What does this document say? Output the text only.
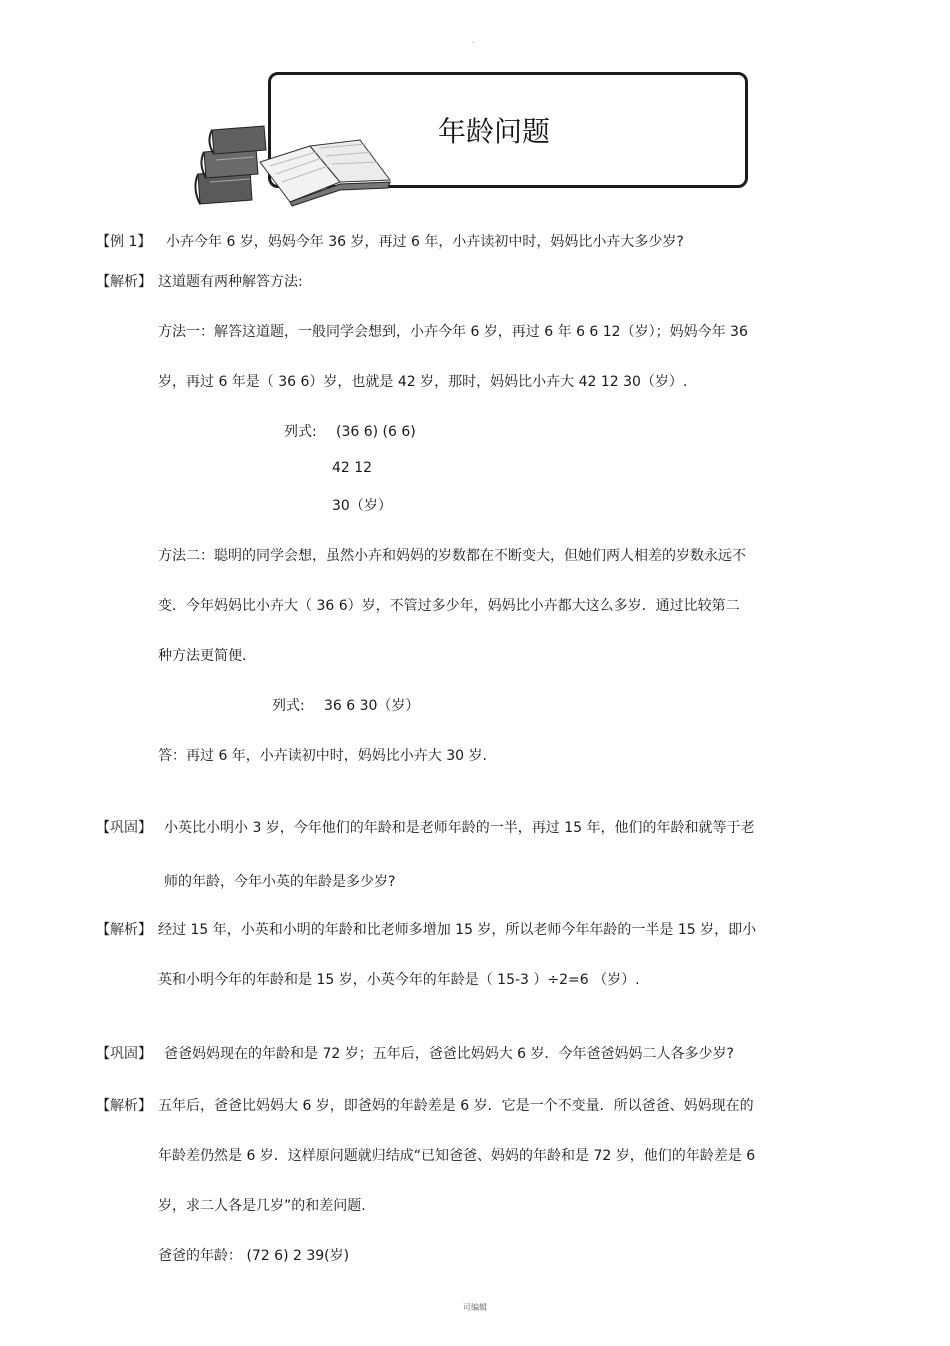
.
年龄问题
【例 1】 小卉今年 6 岁，妈妈今年 36 岁，再过 6 年，小卉读初中时，妈妈比小卉大多少岁?
【解析】 这道题有两种解答方法:
方法一：解答这道题，一般同学会想到，小卉今年 6 岁，再过 6 年 6 6 12（岁）；妈妈今年 36
岁，再过 6 年是（ 36 6）岁，也就是 42 岁，那时，妈妈比小卉大 42 12 30（岁）.
列式: (36 6) (6 6)
42 12
30（岁）
方法二：聪明的同学会想，虽然小卉和妈妈的岁数都在不断变大，但她们两人相差的岁数永远不
变．今年妈妈比小卉大（ 36 6）岁，不管过多少年，妈妈比小卉都大这么多岁．通过比较第二
种方法更简便.
列式: 36 6 30（岁）
答：再过 6 年，小卉读初中时，妈妈比小卉大 30 岁.
【巩固】 小英比小明小 3 岁，今年他们的年龄和是老师年龄的一半，再过 15 年，他们的年龄和就等于老
师的年龄，今年小英的年龄是多少岁?
【解析】 经过 15 年，小英和小明的年龄和比老师多增加 15 岁，所以老师今年年龄的一半是 15 岁，即小
英和小明今年的年龄和是 15 岁，小英今年的年龄是（ 15-3 ）÷2=6 （岁）.
【巩固】 爸爸妈妈现在的年龄和是 72 岁；五年后，爸爸比妈妈大 6 岁．今年爸爸妈妈二人各多少岁?
【解析】 五年后，爸爸比妈妈大 6 岁，即爸妈的年龄差是 6 岁．它是一个不变量．所以爸爸、妈妈现在的
年龄差仍然是 6 岁．这样原问题就归结成“已知爸爸、妈妈的年龄和是 72 岁，他们的年龄差是 6
岁，求二人各是几岁”的和差问题.
爸爸的年龄： (72 6) 2 39(岁)
可编辑
